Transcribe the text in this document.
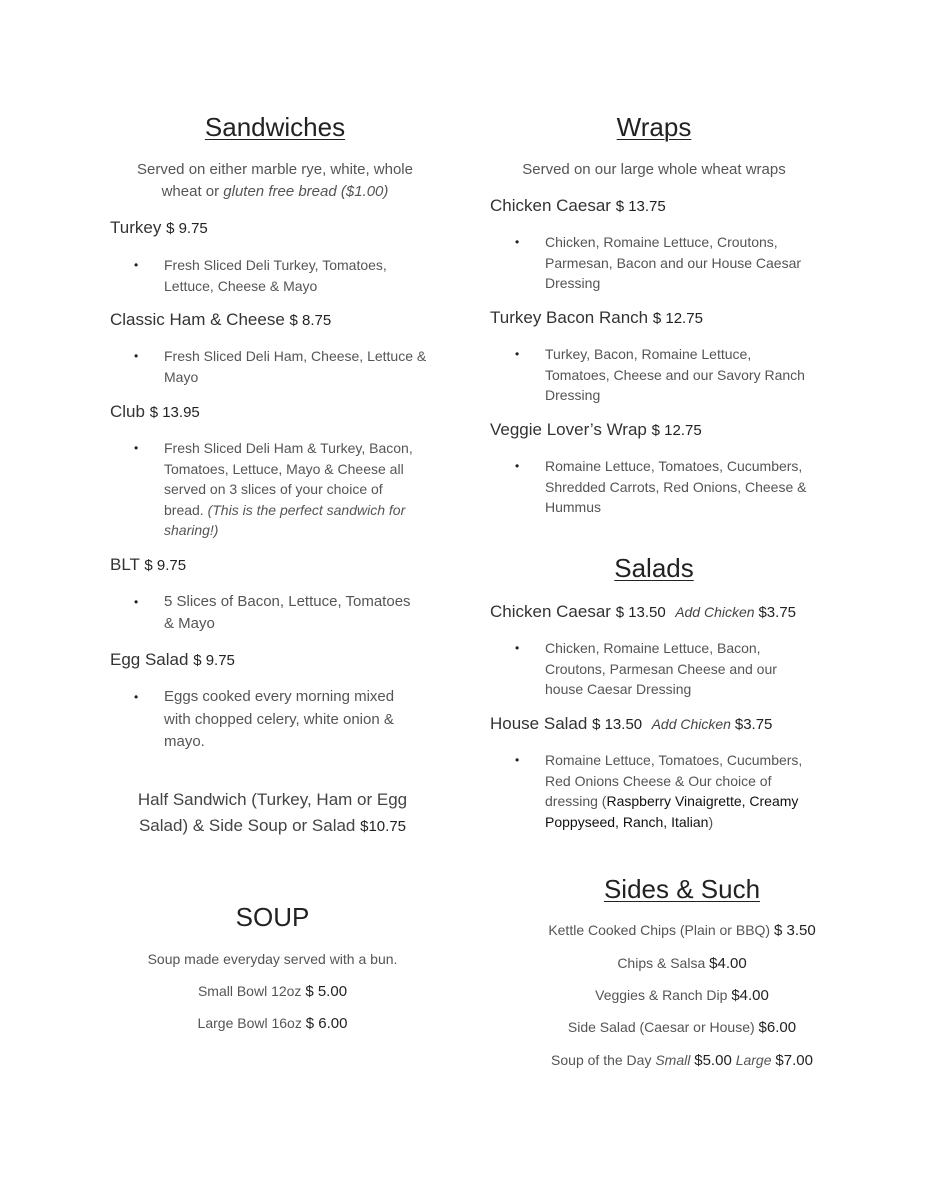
Sandwiches
Served on either marble rye, white, whole
wheat or gluten free bread ($1.00)
Turkey $ 9.75
• Fresh Sliced Deli Turkey, Tomatoes,
Lettuce, Cheese & Mayo
Classic Ham & Cheese $ 8.75
• Fresh Sliced Deli Ham, Cheese, Lettuce &
Mayo
Club $ 13.95
• Fresh Sliced Deli Ham & Turkey, Bacon,
Tomatoes, Lettuce, Mayo & Cheese all
served on 3 slices of your choice of
bread. (This is the perfect sandwich for
sharing!)
BLT $ 9.75
• 5 Slices of Bacon, Lettuce, Tomatoes
& Mayo
Egg Salad $ 9.75
• Eggs cooked every morning mixed
with chopped celery, white onion &
mayo.
Half Sandwich (Turkey, Ham or Egg
Salad) & Side Soup or Salad $10.75
SOUP
Soup made everyday served with a bun.
Small Bowl 12oz $ 5.00
Large Bowl 16oz $ 6.00
Wraps
Served on our large whole wheat wraps
Chicken Caesar $ 13.75
• Chicken, Romaine Lettuce, Croutons,
Parmesan, Bacon and our House Caesar
Dressing
Turkey Bacon Ranch $ 12.75
• Turkey, Bacon, Romaine Lettuce,
Tomatoes, Cheese and our Savory Ranch
Dressing
Veggie Lover’s Wrap $ 12.75
• Romaine Lettuce, Tomatoes, Cucumbers,
Shredded Carrots, Red Onions, Cheese &
Hummus
Salads
Chicken Caesar $ 13.50 Add Chicken $3.75
• Chicken, Romaine Lettuce, Bacon,
Croutons, Parmesan Cheese and our
house Caesar Dressing
House Salad $ 13.50 Add Chicken $3.75
• Romaine Lettuce, Tomatoes, Cucumbers,
Red Onions Cheese & Our choice of
dressing (Raspberry Vinaigrette, Creamy
Poppyseed, Ranch, Italian)
Sides & Such
Kettle Cooked Chips (Plain or BBQ) $ 3.50
Chips & Salsa $4.00
Veggies & Ranch Dip $4.00
Side Salad (Caesar or House) $6.00
Soup of the Day Small $5.00 Large $7.00
